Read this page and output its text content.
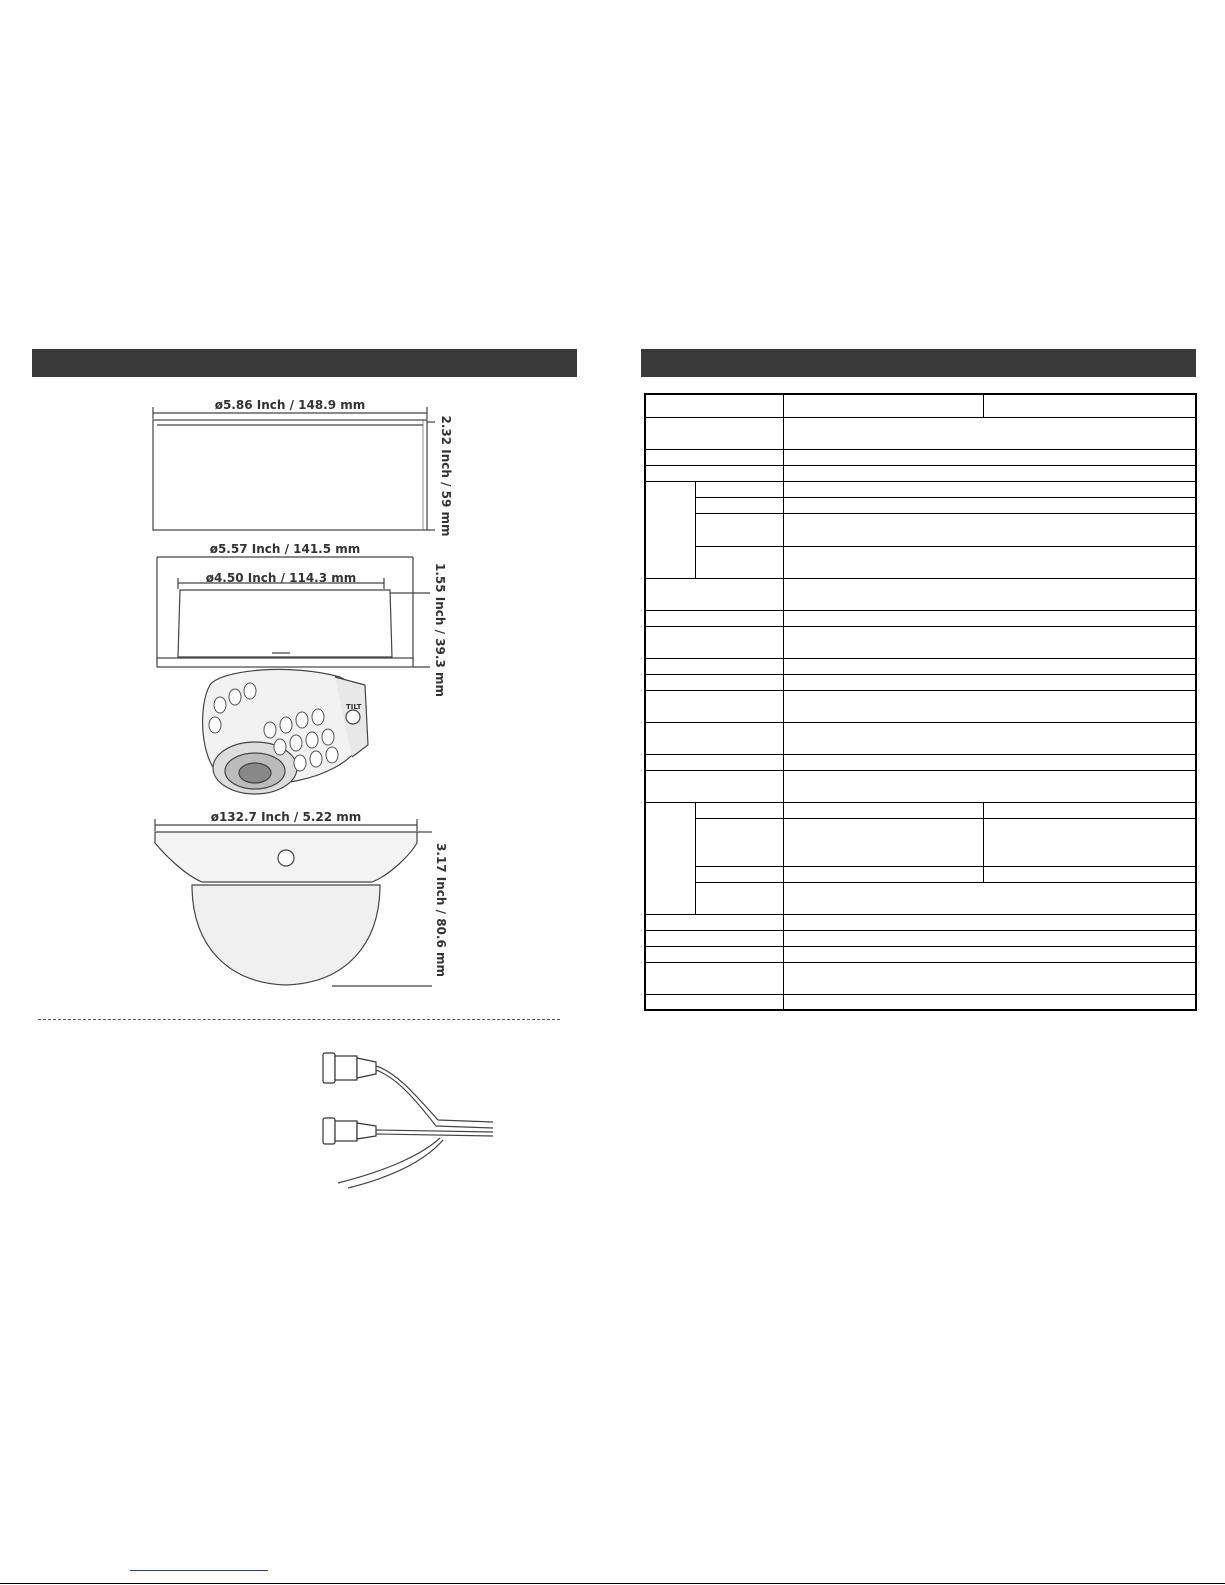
ø5.86 Inch / 148.9 mm
2.32 Inch / 59 mm
ø5.57 Inch / 141.5 mm
ø4.50 Inch / 114.3 mm	1.55 Inch / 39.3 mm
TILT
ø132.7 Inch / 5.22 mm
3.17 Inch / 80.6 mm
